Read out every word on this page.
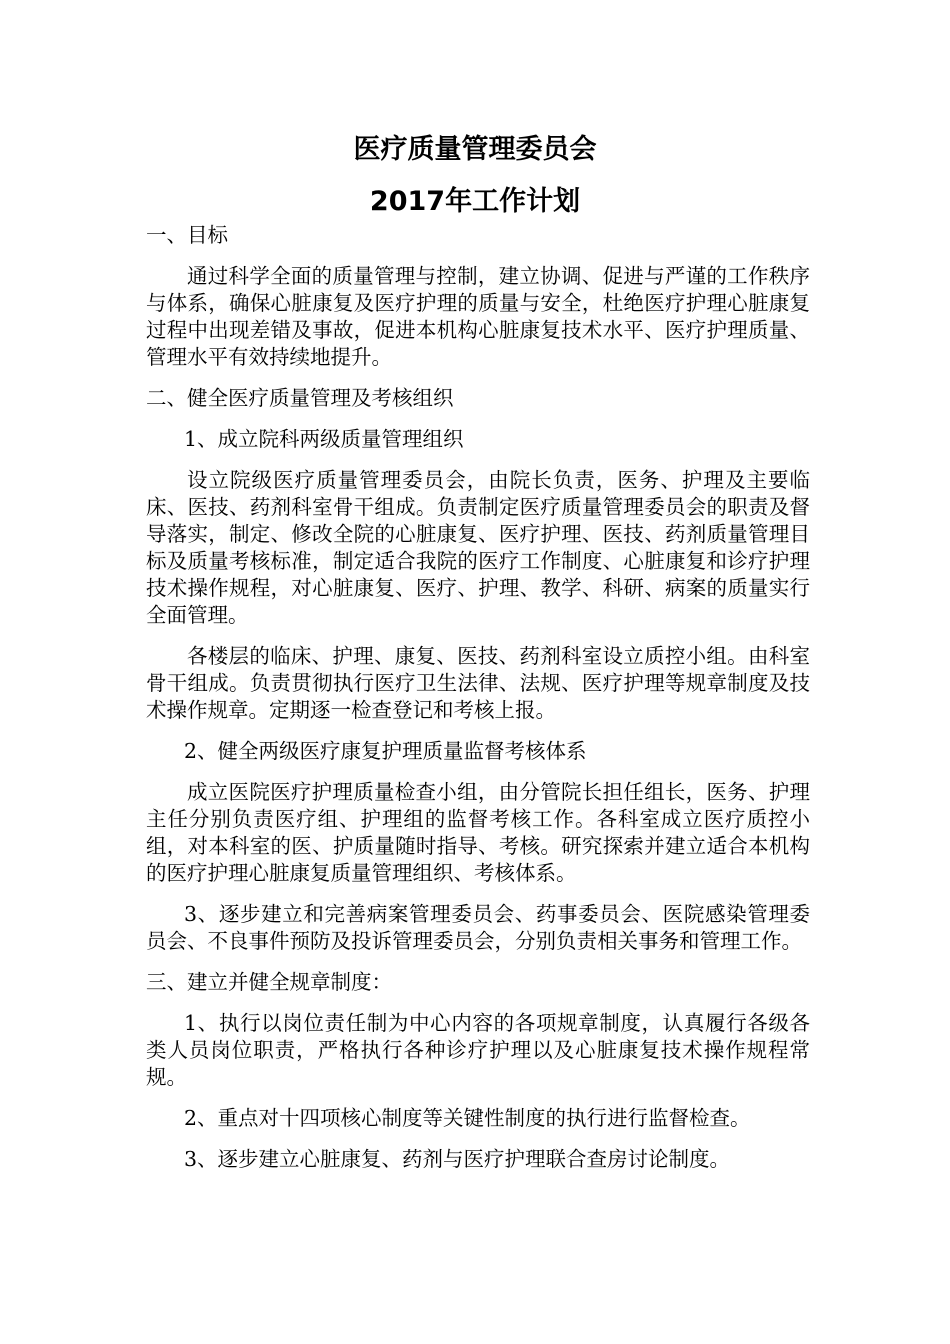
医疗质量管理委员会
2017年工作计划

一、目标

通过科学全面的质量管理与控制，建立协调、促进与严谨的工作秩序与体系，确保心脏康复及医疗护理的质量与安全，杜绝医疗护理心脏康复过程中出现差错及事故，促进本机构心脏康复技术水平、医疗护理质量、管理水平有效持续地提升。

二、健全医疗质量管理及考核组织

1、成立院科两级质量管理组织

设立院级医疗质量管理委员会，由院长负责，医务、护理及主要临床、医技、药剂科室骨干组成。负责制定医疗质量管理委员会的职责及督导落实，制定、修改全院的心脏康复、医疗护理、医技、药剂质量管理目标及质量考核标准，制定适合我院的医疗工作制度、心脏康复和诊疗护理技术操作规程，对心脏康复、医疗、护理、教学、科研、病案的质量实行全面管理。

各楼层的临床、护理、康复、医技、药剂科室设立质控小组。由科室骨干组成。负责贯彻执行医疗卫生法律、法规、医疗护理等规章制度及技术操作规章。定期逐一检查登记和考核上报。

2、健全两级医疗康复护理质量监督考核体系

成立医院医疗护理质量检查小组，由分管院长担任组长，医务、护理主任分别负责医疗组、护理组的监督考核工作。各科室成立医疗质控小组，对本科室的医、护质量随时指导、考核。研究探索并建立适合本机构的医疗护理心脏康复质量管理组织、考核体系。

3、逐步建立和完善病案管理委员会、药事委员会、医院感染管理委员会、不良事件预防及投诉管理委员会，分别负责相关事务和管理工作。

三、建立并健全规章制度：

1、执行以岗位责任制为中心内容的各项规章制度，认真履行各级各类人员岗位职责，严格执行各种诊疗护理以及心脏康复技术操作规程常规。

2、重点对十四项核心制度等关键性制度的执行进行监督检查。

3、逐步建立心脏康复、药剂与医疗护理联合查房讨论制度。
